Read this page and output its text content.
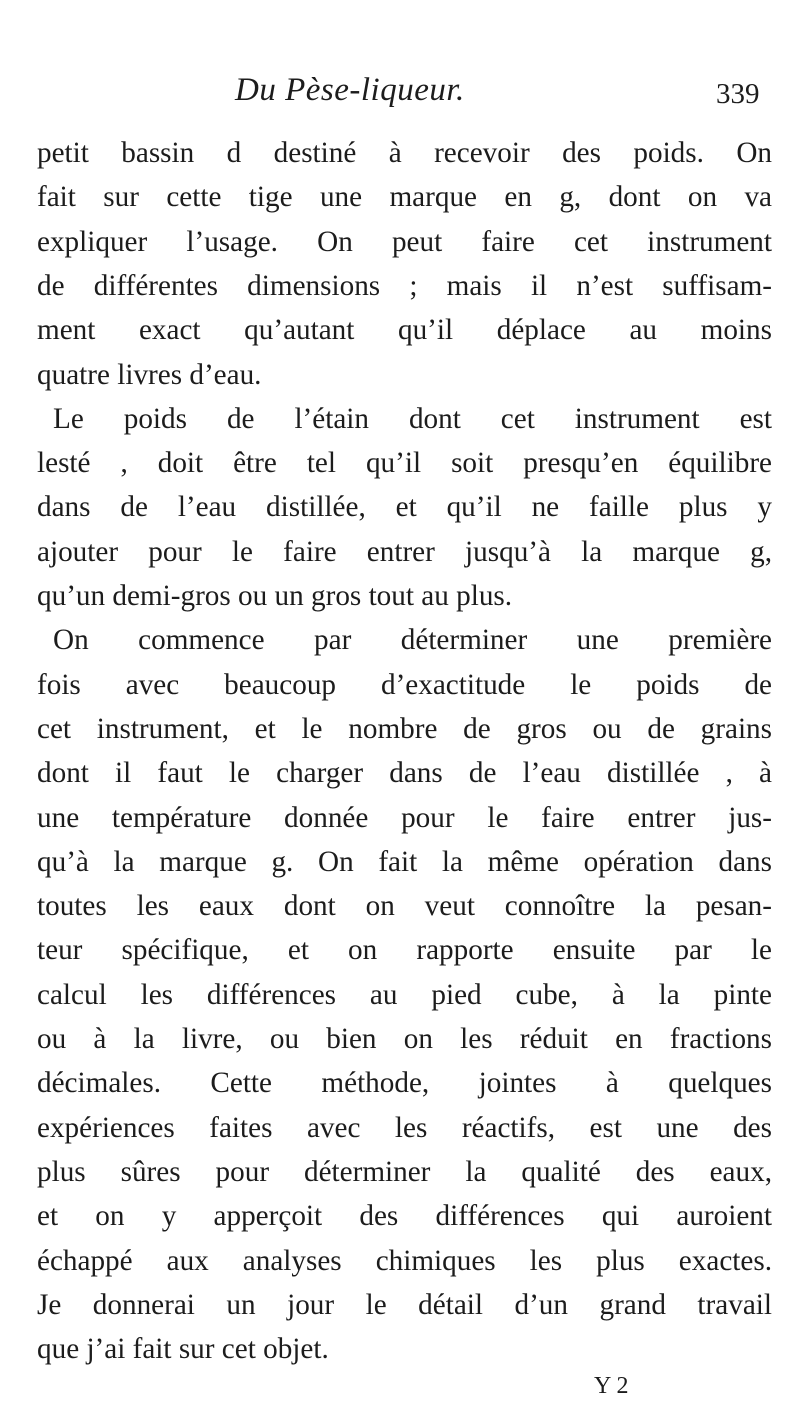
Du Pèse-liqueur.	339
petit bassin d destiné à recevoir des poids. On
fait sur cette tige une marque en g, dont on va
expliquer l’usage. On peut faire cet instrument
de différentes dimensions ; mais il n’est suffisam-
ment exact qu’autant qu’il déplace au moins
quatre livres d’eau.
Le poids de l’étain dont cet instrument est
lesté , doit être tel qu’il soit presqu’en équilibre
dans de l’eau distillée, et qu’il ne faille plus y
ajouter pour le faire entrer jusqu’à la marque g,
qu’un demi-gros ou un gros tout au plus.
On commence par déterminer une première
fois avec beaucoup d’exactitude le poids de
cet instrument, et le nombre de gros ou de grains
dont il faut le charger dans de l’eau distillée , à
une température donnée pour le faire entrer jus-
qu’à la marque g. On fait la même opération dans
toutes les eaux dont on veut connoître la pesan-
teur spécifique, et on rapporte ensuite par le
calcul les différences au pied cube, à la pinte
ou à la livre, ou bien on les réduit en fractions
décimales. Cette méthode, jointes à quelques
expériences faites avec les réactifs, est une des
plus sûres pour déterminer la qualité des eaux,
et on y apperçoit des différences qui auroient
échappé aux analyses chimiques les plus exactes.
Je donnerai un jour le détail d’un grand travail
que j’ai fait sur cet objet.
Y 2
